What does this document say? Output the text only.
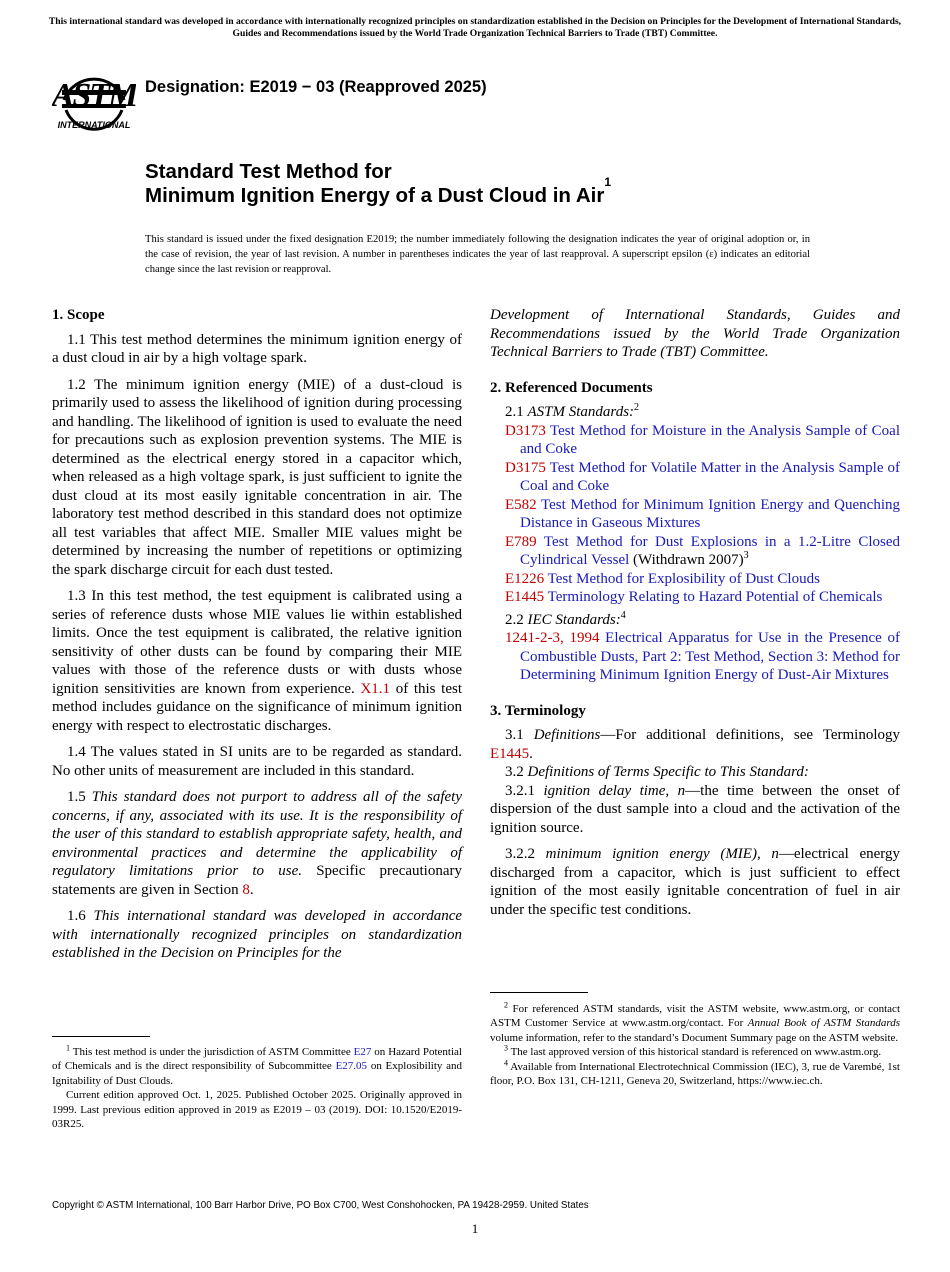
This international standard was developed in accordance with internationally recognized principles on standardization established in the Decision on Principles for the Development of International Standards, Guides and Recommendations issued by the World Trade Organization Technical Barriers to Trade (TBT) Committee.
ASTM
INTERNATIONAL
Designation: E2019 − 03 (Reapproved 2025)
Standard Test Method for
Minimum Ignition Energy of a Dust Cloud in Air$^1$
This standard is issued under the fixed designation E2019; the number immediately following the designation indicates the year of original adoption or, in the case of revision, the year of last revision. A number in parentheses indicates the year of last reapproval. A superscript epsilon (ε) indicates an editorial change since the last revision or reapproval.
1. Scope

1.1 This test method determines the minimum ignition energy of a dust cloud in air by a high voltage spark.

1.2 The minimum ignition energy (MIE) of a dust-cloud is primarily used to assess the likelihood of ignition during processing and handling. The likelihood of ignition is used to evaluate the need for precautions such as explosion prevention systems. The MIE is determined as the electrical energy stored in a capacitor which, when released as a high voltage spark, is just sufficient to ignite the dust cloud at its most easily ignitable concentration in air. The laboratory test method described in this standard does not optimize all test variables that affect MIE. Smaller MIE values might be determined by increasing the number of repetitions or optimizing the spark discharge circuit for each dust tested.

1.3 In this test method, the test equipment is calibrated using a series of reference dusts whose MIE values lie within established limits. Once the test equipment is calibrated, the relative ignition sensitivity of other dusts can be found by comparing their MIE values with those of the reference dusts or with dusts whose ignition sensitivities are known from experience. X1.1 of this test method includes guidance on the significance of minimum ignition energy with respect to electrostatic discharges.

1.4 The values stated in SI units are to be regarded as standard. No other units of measurement are included in this standard.

1.5 This standard does not purport to address all of the safety concerns, if any, associated with its use. It is the responsibility of the user of this standard to establish appropriate safety, health, and environmental practices and determine the applicability of regulatory limitations prior to use. Specific precautionary statements are given in Section 8.

1.6 This international standard was developed in accordance with internationally recognized principles on standardization established in the Decision on Principles for the

$^1$ This test method is under the jurisdiction of ASTM Committee E27 on Hazard Potential of Chemicals and is the direct responsibility of Subcommittee E27.05 on Explosibility and Ignitability of Dust Clouds.

Current edition approved Oct. 1, 2025. Published October 2025. Originally approved in 1999. Last previous edition approved in 2019 as E2019 – 03 (2019). DOI: 10.1520/E2019-03R25.

Development of International Standards, Guides and Recommendations issued by the World Trade Organization Technical Barriers to Trade (TBT) Committee.

2. Referenced Documents

2.1 ASTM Standards:$^2$

D3173 Test Method for Moisture in the Analysis Sample of Coal and Coke

D3175 Test Method for Volatile Matter in the Analysis Sample of Coal and Coke

E582 Test Method for Minimum Ignition Energy and Quenching Distance in Gaseous Mixtures

E789 Test Method for Dust Explosions in a 1.2-Litre Closed Cylindrical Vessel (Withdrawn 2007)$^3$

E1226 Test Method for Explosibility of Dust Clouds

E1445 Terminology Relating to Hazard Potential of Chemicals

2.2 IEC Standards:$^4$

1241-2-3, 1994 Electrical Apparatus for Use in the Presence of Combustible Dusts, Part 2: Test Method, Section 3: Method for Determining Minimum Ignition Energy of Dust-Air Mixtures

3. Terminology

3.1 Definitions—For additional definitions, see Terminology E1445.

3.2 Definitions of Terms Specific to This Standard:

3.2.1 ignition delay time, n—the time between the onset of dispersion of the dust sample into a cloud and the activation of the ignition source.

3.2.2 minimum ignition energy (MIE), n—electrical energy discharged from a capacitor, which is just sufficient to effect ignition of the most easily ignitable concentration of fuel in air under the specific test conditions.

$^2$ For referenced ASTM standards, visit the ASTM website, www.astm.org, or contact ASTM Customer Service at www.astm.org/contact. For Annual Book of ASTM Standards volume information, refer to the standard’s Document Summary page on the ASTM website.

$^3$ The last approved version of this historical standard is referenced on www.astm.org.

$^4$ Available from International Electrotechnical Commission (IEC), 3, rue de Varembé, 1st floor, P.O. Box 131, CH-1211, Geneva 20, Switzerland, https://www.iec.ch.

Copyright © ASTM International, 100 Barr Harbor Drive, PO Box C700, West Conshohocken, PA 19428-2959. United States
1
